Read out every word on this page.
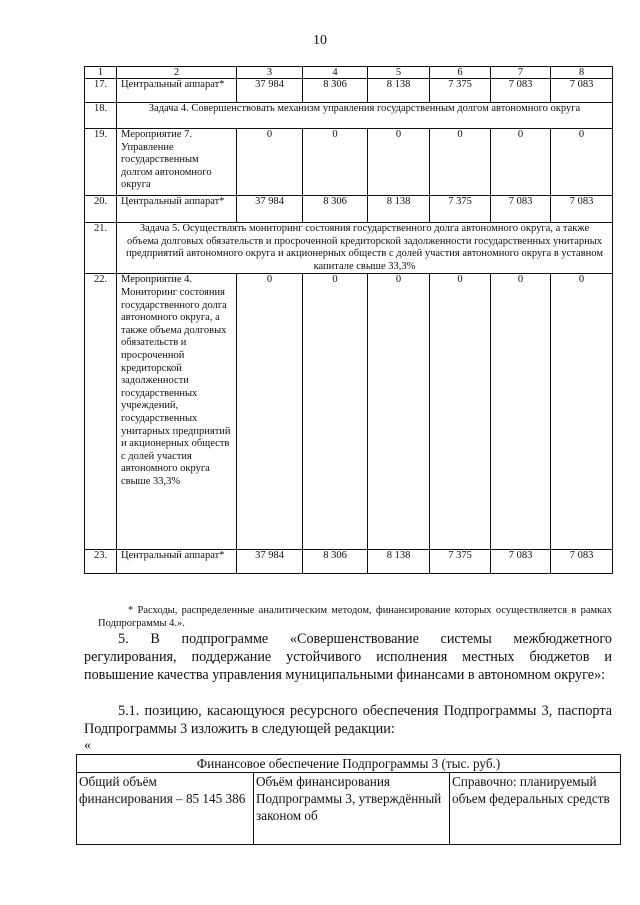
10
1	2	3	4	5	6	7	8
17.	Центральный аппарат*	37 984	8 306	8 138	7 375	7 083	7 083
18.	Задача 4. Совершенствовать механизм управления государственным долгом автономного округа						
19.	Мероприятие 7. Управление государственным долгом автономного округа	0	0	0	0	0	0
20.	Центральный аппарат*	37 984	8 306	8 138	7 375	7 083	7 083
21.	Задача 5. Осуществлять мониторинг состояния государственного долга автономного округа, а также объема долговых обязательств и просроченной кредиторской задолженности государственных унитарных предприятий автономного округа и акционерных обществ с долей участия автономного округа в уставном капитале свыше 33,3%						
22.	Мероприятие 4. Мониторинг состояния государственного долга автономного округа, а также объема долговых обязательств и просроченной кредиторской задолженности государственных учреждений, государственных унитарных предприятий и акционерных обществ с долей участия автономного округа свыше 33,3%	0	0	0	0	0	0
23.	Центральный аппарат*	37 984	8 306	8 138	7 375	7 083	7 083
* Расходы, распределенные аналитическим методом, финансирование которых осуществляется в рамках Подпрограммы 4.».
5. В подпрограмме «Совершенствование системы межбюджетного регулирования, поддержание устойчивого исполнения местных бюджетов и повышение качества управления муниципальными финансами в автономном округе»:
5.1. позицию, касающуюся ресурсного обеспечения Подпрограммы 3, паспорта Подпрограммы 3 изложить в следующей редакции:
«
Финансовое обеспечение Подпрограммы 3 (тыс. руб.)
Общий объём финансирования – 85 145 386	Объём финансирования Подпрограммы 3, утверждённый законом об	Справочно: планируемый объем федеральных средств
